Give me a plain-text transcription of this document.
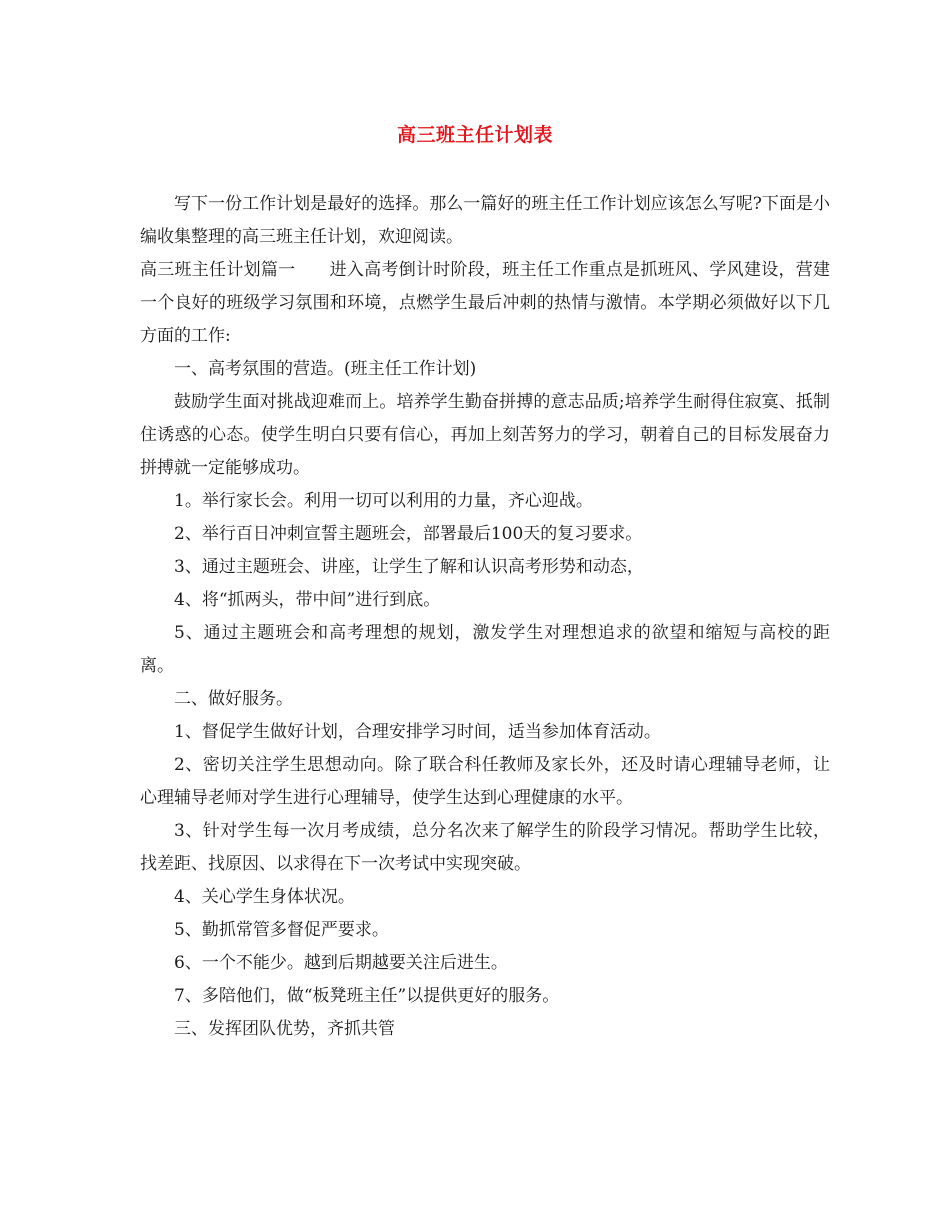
高三班主任计划表

写下一份工作计划是最好的选择。那么一篇好的班主任工作计划应该怎么写呢?下面是小编收集整理的高三班主任计划，欢迎阅读。

高三班主任计划篇一 进入高考倒计时阶段，班主任工作重点是抓班风、学风建设，营建一个良好的班级学习氛围和环境，点燃学生最后冲刺的热情与激情。本学期必须做好以下几方面的工作:

一、高考氛围的营造。(班主任工作计划)

鼓励学生面对挑战迎难而上。培养学生勤奋拼搏的意志品质;培养学生耐得住寂寞、抵制住诱惑的心态。使学生明白只要有信心，再加上刻苦努力的学习，朝着自己的目标发展奋力拼搏就一定能够成功。

1。举行家长会。利用一切可以利用的力量，齐心迎战。

2、举行百日冲刺宣誓主题班会，部署最后100天的复习要求。

3、通过主题班会、讲座，让学生了解和认识高考形势和动态，

4、将“抓两头，带中间”进行到底。

5、通过主题班会和高考理想的规划，激发学生对理想追求的欲望和缩短与高校的距离。

二、做好服务。

1、督促学生做好计划，合理安排学习时间，适当参加体育活动。

2、密切关注学生思想动向。除了联合科任教师及家长外，还及时请心理辅导老师，让心理辅导老师对学生进行心理辅导，使学生达到心理健康的水平。

3、针对学生每一次月考成绩，总分名次来了解学生的阶段学习情况。帮助学生比较，找差距、找原因、以求得在下一次考试中实现突破。

4、关心学生身体状况。

5、勤抓常管多督促严要求。

6、一个不能少。越到后期越要关注后进生。

7、多陪他们，做“板凳班主任”以提供更好的服务。

三、发挥团队优势，齐抓共管
